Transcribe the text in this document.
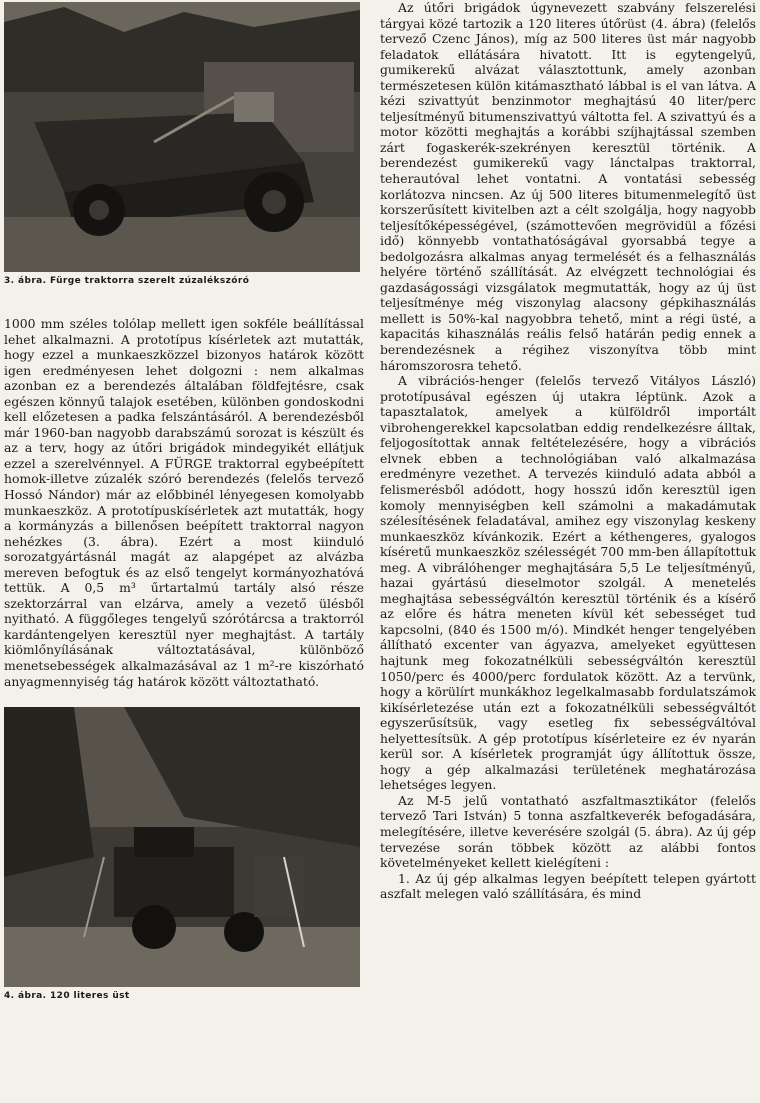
3. ábra. Fürge traktorra szerelt zúzalékszóró

1000 mm széles tolólap mellett igen sokféle beállítással lehet alkalmazni. A prototípus kísérletek azt mutatták, hogy ezzel a munkaeszközzel bizonyos határok között igen eredményesen lehet dolgozni : nem alkalmas azonban ez a berendezés általában földfejtésre, csak egészen könnyű talajok esetében, különben gondoskodni kell előzetesen a padka felszántásáról. A berendezésből már 1960-ban nagyobb darabszámú sorozat is készült és az a terv, hogy az útőri brigádok mindegyikét ellátjuk ezzel a szerelvénnyel. A FÜRGE traktorral egybeépített homok-illetve zúzalék szóró berendezés (felelős tervező Hossó Nándor) már az előbbinél lényegesen komolyabb munkaeszköz. A prototípuskísérletek azt mutatták, hogy a kormányzás a billenősen beépített traktorral nagyon nehézkes (3. ábra). Ezért a most kiinduló sorozatgyártásnál magát az alapgépet az alvázba mereven befogtuk és az első tengelyt kormányozhatóvá tettük. A 0,5 m³ űrtartalmú tartály alsó része szektorzárral van elzárva, amely a vezető ülésből nyitható. A függőleges tengelyű szórótárcsa a traktorról kardántengelyen keresztül nyer meghajtást. A tartály kiömlőnyílásának változtatásával, különböző menetsebességek alkalmazásával az 1 m²-re kiszórható anyagmennyiség tág határok között változtatható.

4. ábra. 120 literes üst

Az útőri brigádok úgynevezett szabvány felszerelési tárgyai közé tartozik a 120 literes útőrüst (4. ábra) (felelős tervező Czenc János), míg az 500 literes üst már nagyobb feladatok ellátására hivatott. Itt is egytengelyű, gumikerekű alvázat választottunk, amely azonban természetesen külön kitámasztható lábbal is el van látva. A kézi szivattyút benzinmotor meghajtású 40 liter/perc teljesítményű bitumenszivattyú váltotta fel. A szivattyú és a motor közötti meghajtás a korábbi szíjhajtással szemben zárt fogaskerék-szekrényen keresztül történik. A berendezést gumikerekű vagy lánctalpas traktorral, teherautóval lehet vontatni. A vontatási sebesség korlátozva nincsen. Az új 500 literes bitumenmelegítő üst korszerűsített kivitelben azt a célt szolgálja, hogy nagyobb teljesítőképességével, (számottevően megrövidül a főzési idő) könnyebb vontathatóságával gyorsabbá tegye a bedolgozásra alkalmas anyag termelését és a felhasználás helyére történő szállítását. Az elvégzett technológiai és gazdaságossági vizsgálatok megmutatták, hogy az új üst teljesítménye még viszonylag alacsony gépkihasználás mellett is 50%-kal nagyobbra tehető, mint a régi üsté, a kapacitás kihasználás reális felső határán pedig ennek a berendezésnek a régihez viszonyítva több mint háromszorosra tehető.

A vibrációs-henger (felelős tervező Vitályos László) prototípusával egészen új utakra léptünk. Azok a tapasztalatok, amelyek a külföldről importált vibrohengerekkel kapcsolatban eddig rendelkezésre álltak, feljogosítottak annak feltételezésére, hogy a vibrációs elvnek ebben a technológiában való alkalmazása eredményre vezethet. A tervezés kiinduló adata abból a felismerésből adódott, hogy hosszú időn keresztül igen komoly mennyiségben kell számolni a makadámutak szélesítésének feladatával, amihez egy viszonylag keskeny munkaeszköz kívánkozik. Ezért a kéthengeres, gyalogos kíséretű munkaeszköz szélességét 700 mm-ben állapítottuk meg. A vibrálóhenger meghajtására 5,5 Le teljesítményű, hazai gyártású dieselmotor szolgál. A menetelés meghajtása sebességváltón keresztül történik és a kísérő az előre és hátra meneten kívül két sebességet tud kapcsolni, (840 és 1500 m/ó). Mindkét henger tengelyében állítható excenter van ágyazva, amelyeket együttesen hajtunk meg fokozatnélküli sebességváltón keresztül 1050/perc és 4000/perc fordulatok között. Az a tervünk, hogy a körülírt munkákhoz legelkalmasabb fordulatszámok kikísérletezése után ezt a fokozatnélküli sebességváltót egyszerűsítsük, vagy esetleg fix sebességváltóval helyettesítsük. A gép prototípus kísérleteire ez év nyarán kerül sor. A kísérletek programját úgy állítottuk össze, hogy a gép alkalmazási területének meghatározása lehetséges legyen.

Az M-5 jelű vontatható aszfaltmasztikátor (felelős tervező Tari István) 5 tonna aszfaltkeverék befogadására, melegítésére, illetve keverésére szolgál (5. ábra). Az új gép tervezése során többek között az alábbi fontos követelményeket kellett kielégíteni :

1. Az új gép alkalmas legyen beépített telepen gyártott aszfalt melegen való szállítására, és mind
